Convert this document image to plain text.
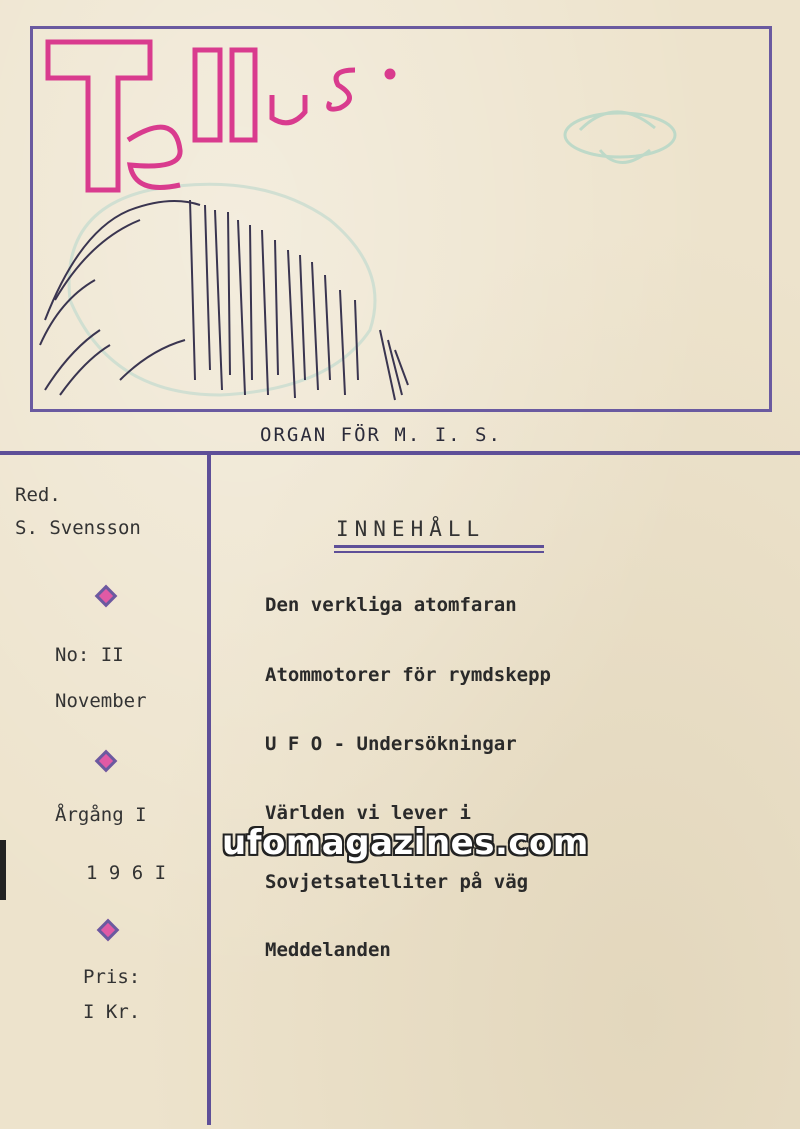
ORGAN FÖR M. I. S.
Red.
S. Svensson
No: II
November
Årgång I
1 9 6 I
Pris:
I Kr.
INNEHÅLL
Den verkliga atomfaran
Atommotorer för rymdskepp
U F O - Undersökningar
Världen vi lever i
Sovjetsatelliter på väg
Meddelanden
ufomagazines.com
